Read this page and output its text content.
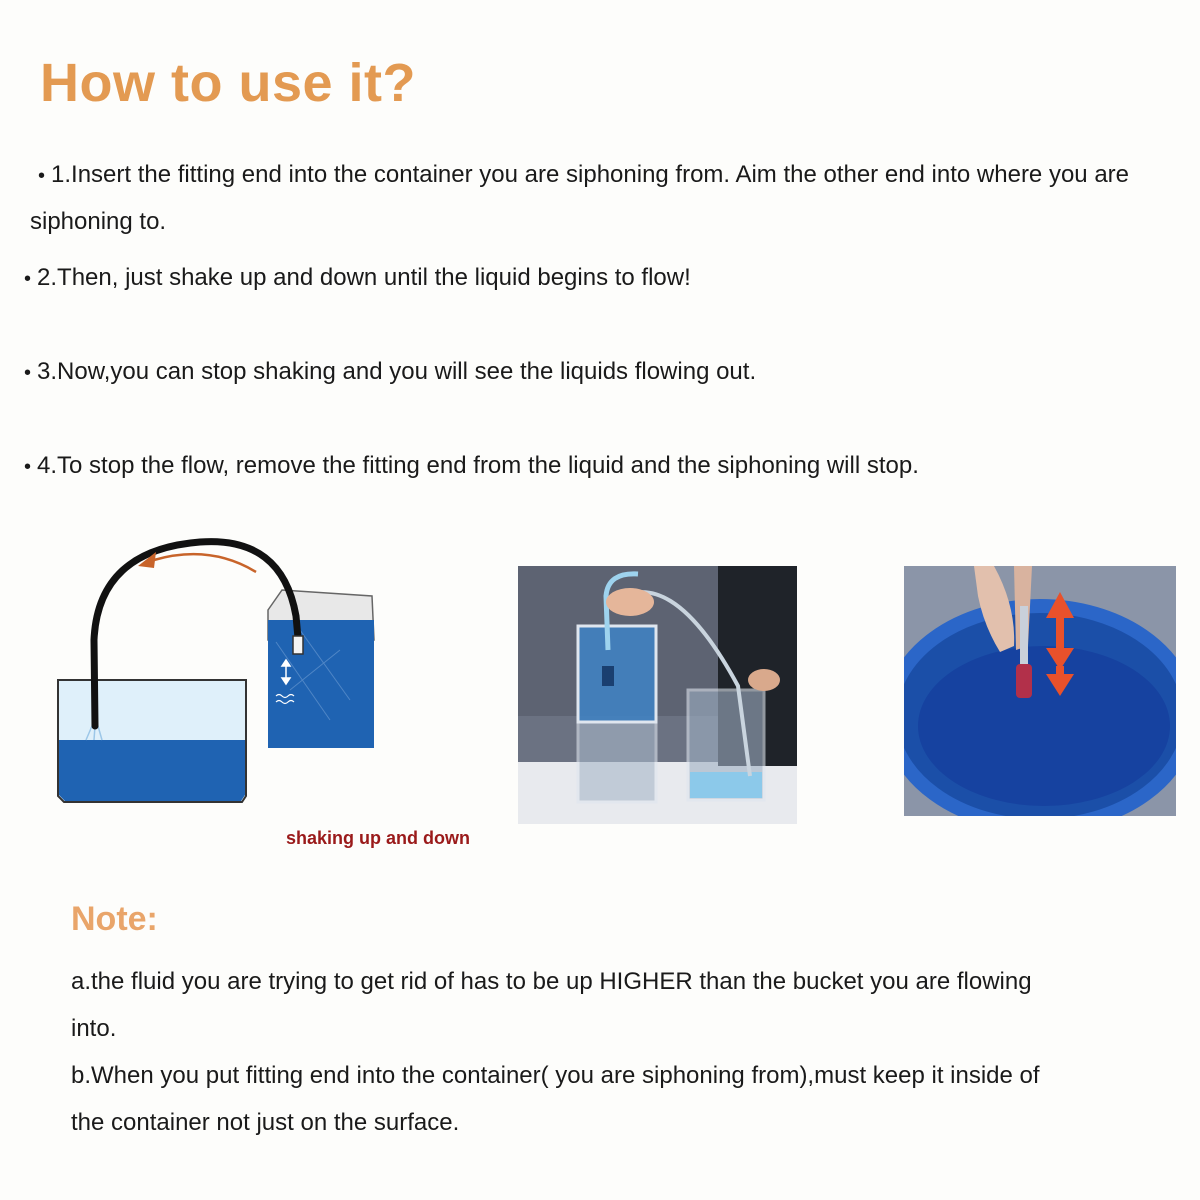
How to use it?

• 1.Insert the fitting end into the container you are siphoning from. Aim the other end into where you are siphoning to.

• 2.Then, just shake up and down until the liquid begins to flow!

• 3.Now,you can stop shaking and you will see the liquids flowing out.

• 4.To stop the flow, remove the fitting end from the liquid and the siphoning will stop.

shaking up and down
Note:

a.the fluid you are trying to get rid of has to be up HIGHER than the bucket you are flowing into.

b.When you put fitting end into the container( you are siphoning from),must keep it inside of the container not just on the surface.
